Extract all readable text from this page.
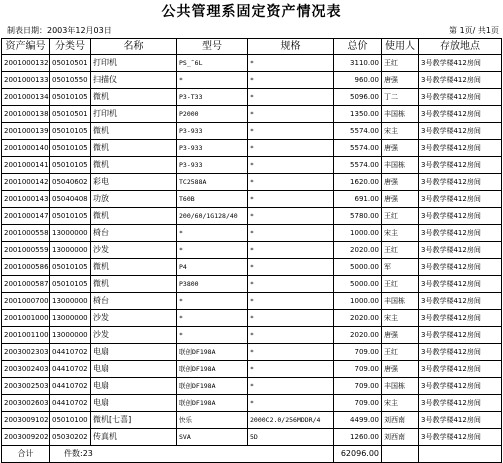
公共管理系固定资产情况表
制表日期：2003年12月03日	第 1页/ 共1页
资产编号	分类号	名称	型号	规格	总价	使用人	存放地点
2001000132	05010501	打印机	PS_˜6L	*	3110.00	王红	3号教学楼412房间
2001000133	05010550	扫描仪	*	*	960.00	唐强	3号教学楼412房间
2001000134	05010105	微机	P3-T33	*	5096.00	丁二	3号教学楼412房间
2001000138	05010501	打印机	P2000	*	1350.00	丰国栋	3号教学楼412房间
2001000139	05010105	微机	P3-933	*	5574.00	宋主	3号教学楼412房间
2001000140	05010105	微机	P3-933	*	5574.00	唐强	3号教学楼412房间
2001000141	05010105	微机	P3-933	*	5574.00	丰国栋	3号教学楼412房间
2001000142	05040602	彩电	TC2588A	*	1620.00	唐强	3号教学楼412房间
2001000143	05040408	功放	T60B	*	691.00	唐强	3号教学楼412房间
2001000147	05010105	微机	200/60/1G128/40	*	5780.00	王红	3号教学楼412房间
2001000558	13000000	椅台	*	*	1000.00	宋主	3号教学楼412房间
2001000559	13000000	沙发	*	*	2020.00	王红	3号教学楼412房间
2001000586	05010105	微机	P4	*	5000.00	军	3号教学楼412房间
2001000587	05010105	微机	P3800	*	5000.00	王红	3号教学楼412房间
2001000700	13000000	椅台	*	*	1000.00	丰国栋	3号教学楼412房间
2001001000	13000000	沙发	*	*	2020.00	宋主	3号教学楼412房间
2001001100	13000000	沙发	*	*	2020.00	唐强	3号教学楼412房间
2003002303	04410702	电扇	联创DF198A	*	709.00	王红	3号教学楼412房间
2003002403	04410702	电扇	联创DF198A	*	709.00	唐强	3号教学楼412房间
2003002503	04410702	电扇	联创DF198A	*	709.00	丰国栋	3号教学楼412房间
2003002603	04410702	电扇	联创DF198A	*	709.00	宋主	3号教学楼412房间
2003009102	05010100	微机[七喜]	快乐	2000C2.0/256MDDR/4	4499.00	刘西南	3号教学楼412房间
2003009202	05030202	传真机	SVA	5D	1260.00	刘西南	3号教学楼412房间
合计	件数:23				62096.00		
